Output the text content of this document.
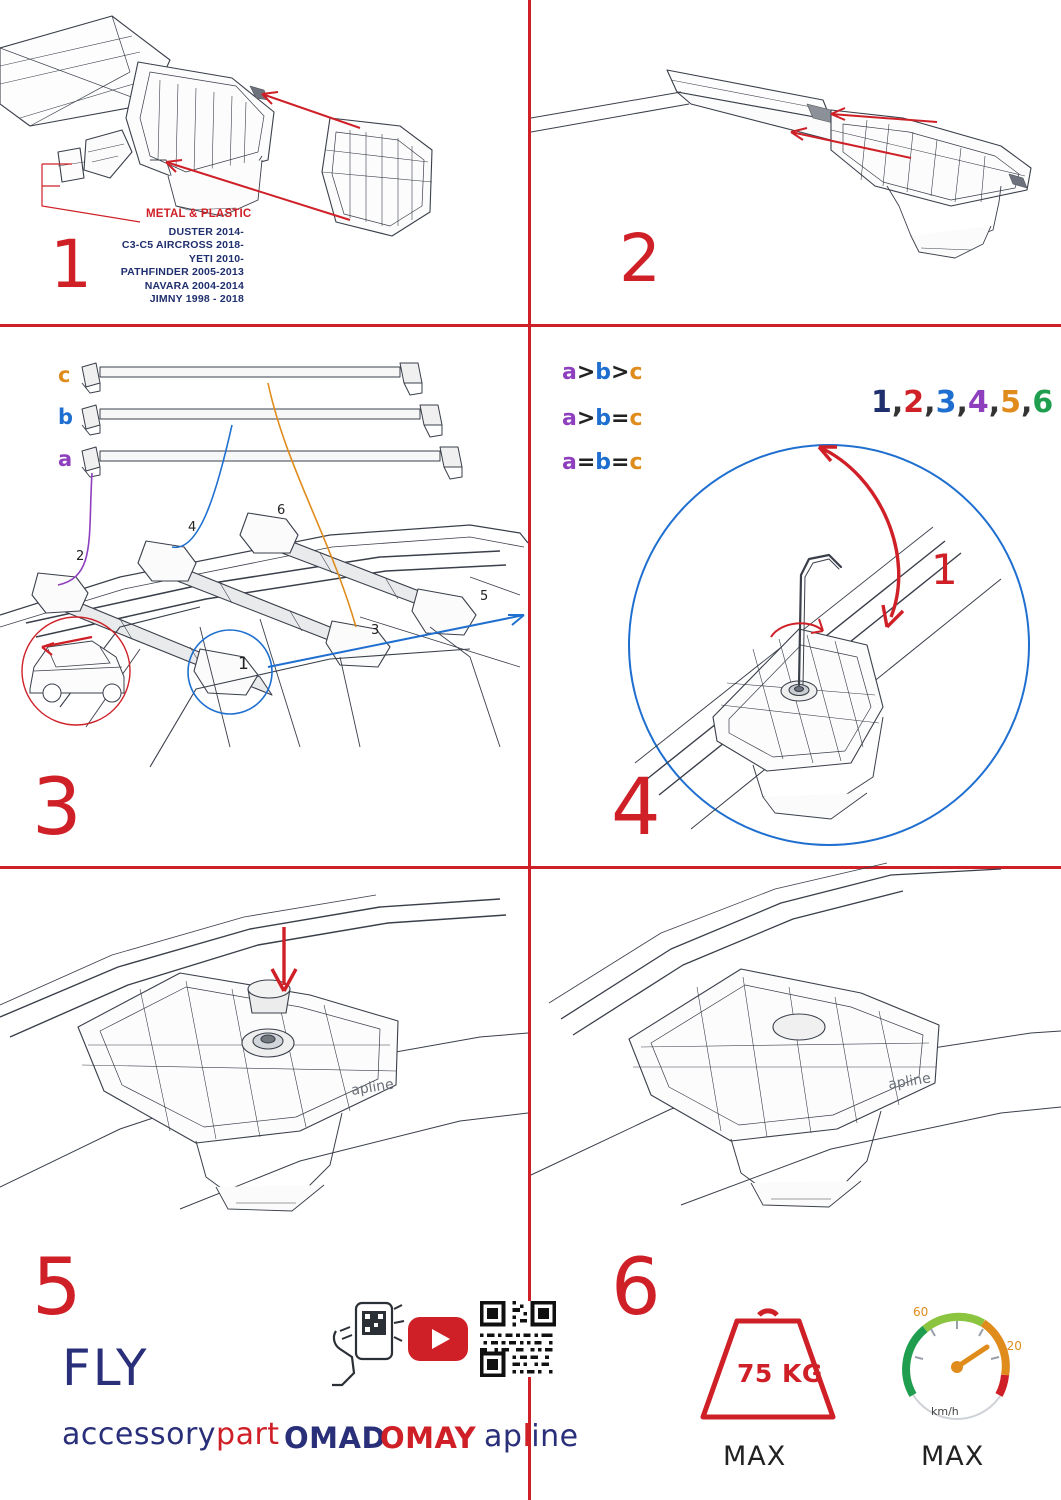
METAL & PLASTIC
DUSTER 2014-
C3-C5 AIRCROSS 2018-
YETI 2010-
PATHFINDER 2005-2013
NAVARA 2004-2014
JIMNY 1998 - 2018
1	2
c
b
a
2
4
6
3
5
1
3
a>b>c
a>b=c
a=b=c
1
1,2,3,4,5,6
4
apline
5
FLY
accessorypart OMAD
OMAY apline
apline
6
75 KG
MAX
60
120
km/h
MAX
